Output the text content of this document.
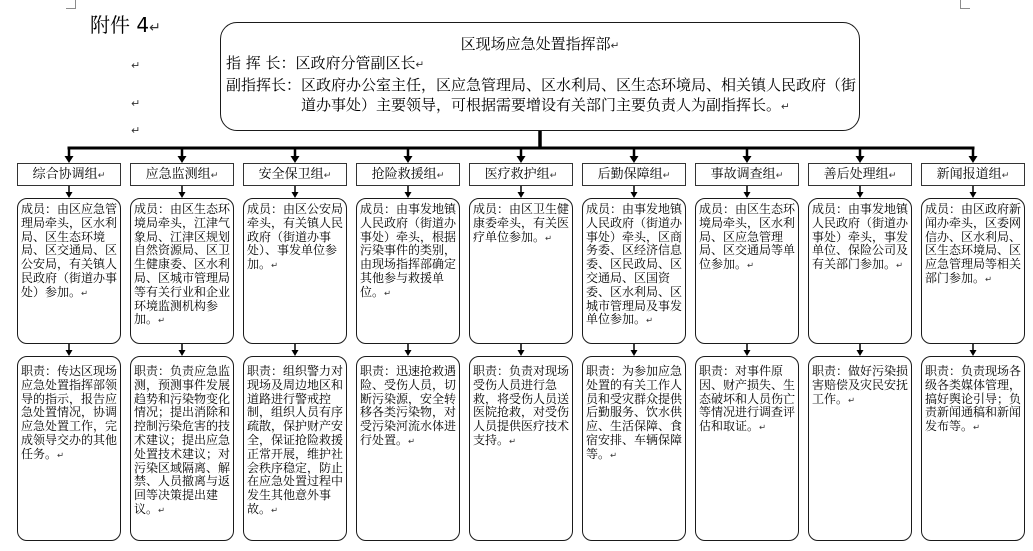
附件 4↵
↵
↵
↵
区现场应急处置指挥部↵
指 挥 长：区政府分管副区长↵
副指挥长：区政府办公室主任，区应急管理局、区水利局、区生态环境局、相关镇人民政府（街道办事处）主要领导，可根据需要增设有关部门主要负责人为副指挥长。↵
综合协调组↵
成员：由区应急管理局牵头，区水利局、区生态环境局、区交通局、区公安局，有关镇人民政府（街道办事处）参加。↵
职责：传达区现场应急处置指挥部领导的指示，报告应急处置情况，协调应急处置工作，完成领导交办的其他任务。↵
应急监测组↵
成员：由区生态环境局牵头，江津气象局、江津区规划自然资源局、区卫生健康委、区水利局、区城市管理局等有关行业和企业环境监测机构参加。↵
职责：负责应急监测，预测事件发展趋势和污染物变化情况；提出消除和控制污染危害的技术建议；提出应急处置技术建议；对污染区域隔离、解禁、人员撤离与返回等决策提出建议。↵
安全保卫组↵
成员：由区公安局牵头，有关镇人民政府（街道办事处）、事发单位参加。↵
职责：组织警力对现场及周边地区和道路进行警戒控制，组织人员有序疏散，保护财产安全，保证抢险救援正常开展，维护社会秩序稳定，防止在应急处置过程中发生其他意外事故。↵
抢险救援组↵
成员：由事发地镇人民政府（街道办事处）牵头，根据污染事件的类别，由现场指挥部确定其他参与救援单位。↵
职责：迅速抢救遇险、受伤人员，切断污染源，安全转移各类污染物，对受污染河流水体进行处置。↵
医疗救护组↵
成员：由区卫生健康委牵头，有关医疗单位参加。↵
职责：负责对现场受伤人员进行急救，将受伤人员送医院抢救，对受伤人员提供医疗技术支持。↵
后勤保障组↵
成员：由事发地镇人民政府（街道办事处）牵头，区商务委、区经济信息委、区民政局、区交通局、区国资委、区水利局、区城市管理局及事发单位参加。↵
职责：为参加应急处置的有关工作人员和受灾群众提供后勤服务、饮水供应、生活保障、食宿安排、车辆保障等。↵
事故调查组↵
成员：由区生态环境局牵头，区水利局、区应急管理局、区交通局等单位参加。↵
职责：对事件原因、财产损失、生态破坏和人员伤亡等情况进行调查评估和取证。↵
善后处理组↵
成员：由事发地镇人民政府（街道办事处）牵头，事发单位、保险公司及有关部门参加。↵
职责：做好污染损害赔偿及灾民安抚工作。↵
新闻报道组↵
成员：由区政府新闻办牵头，区委网信办、区水利局、区生态环境局、区应急管理局等相关部门参加。↵
职责：负责现场各级各类媒体管理，搞好舆论引导；负责新闻通稿和新闻发布等。↵
